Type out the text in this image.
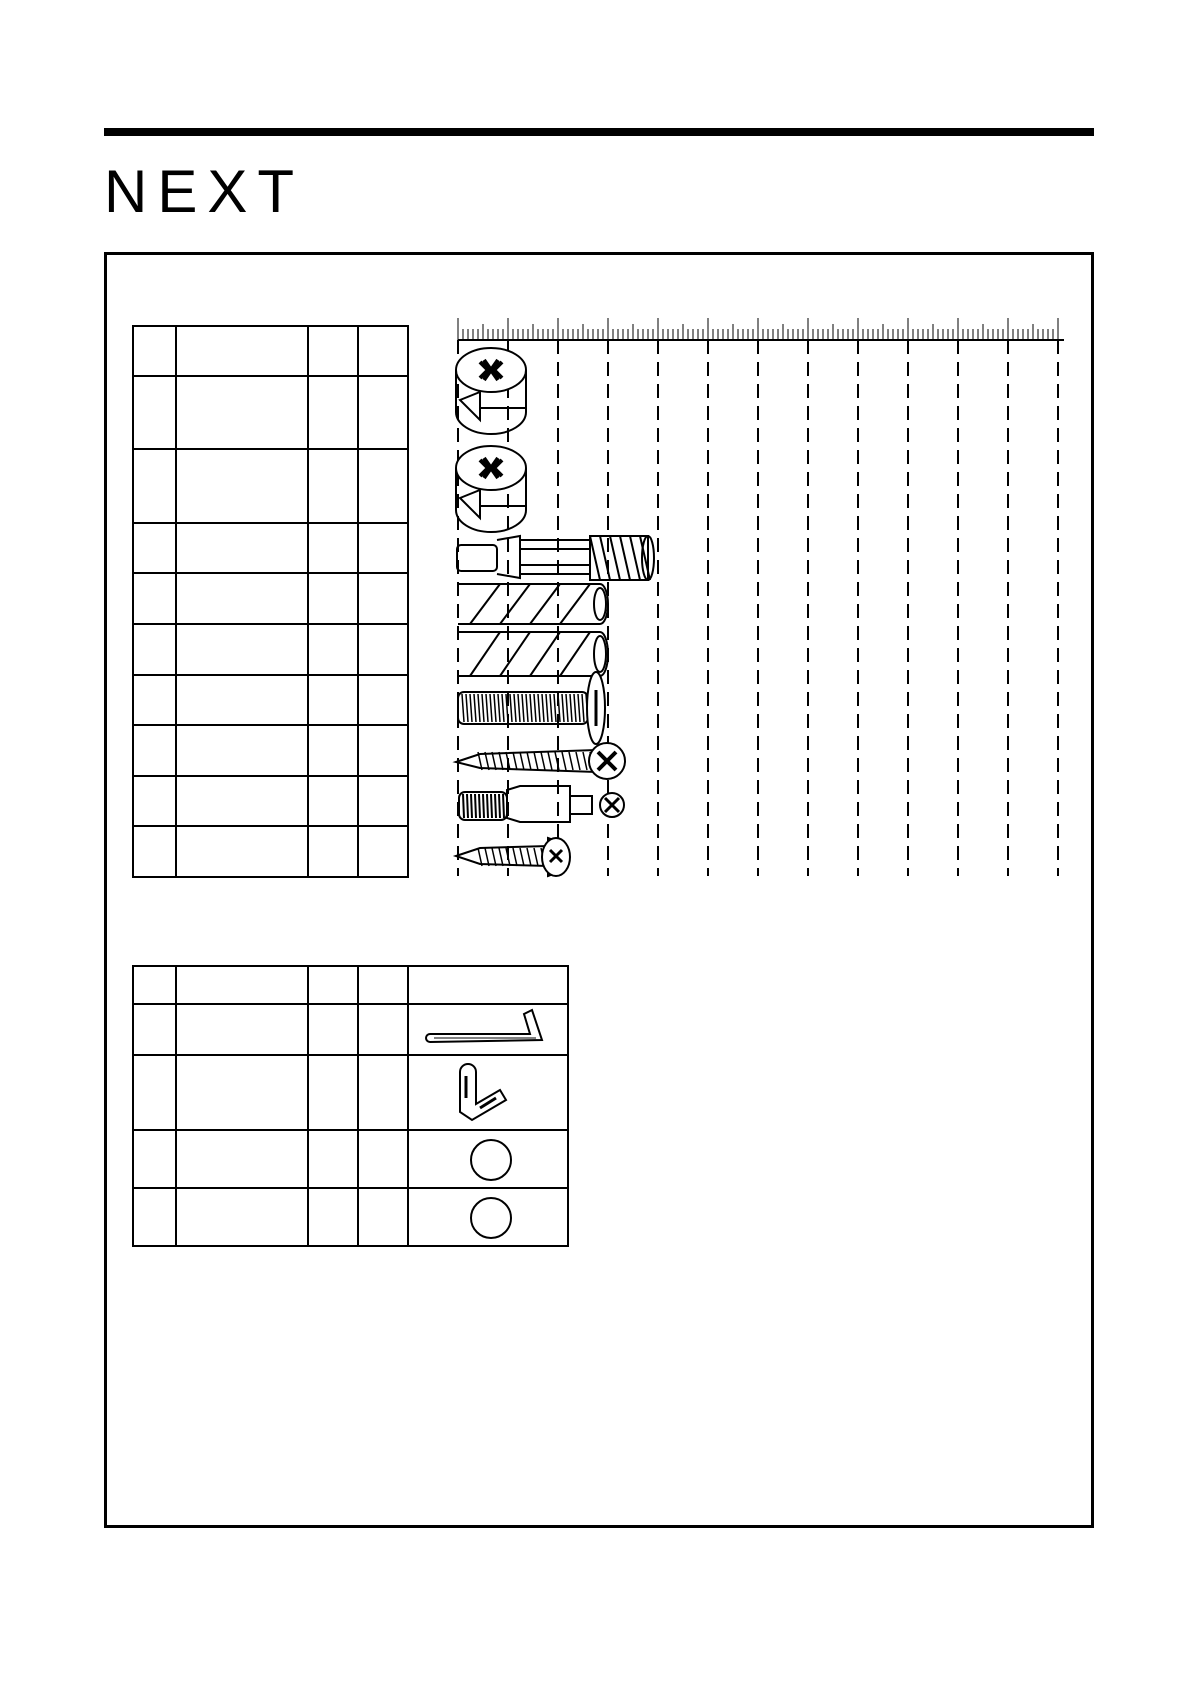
NEXT
